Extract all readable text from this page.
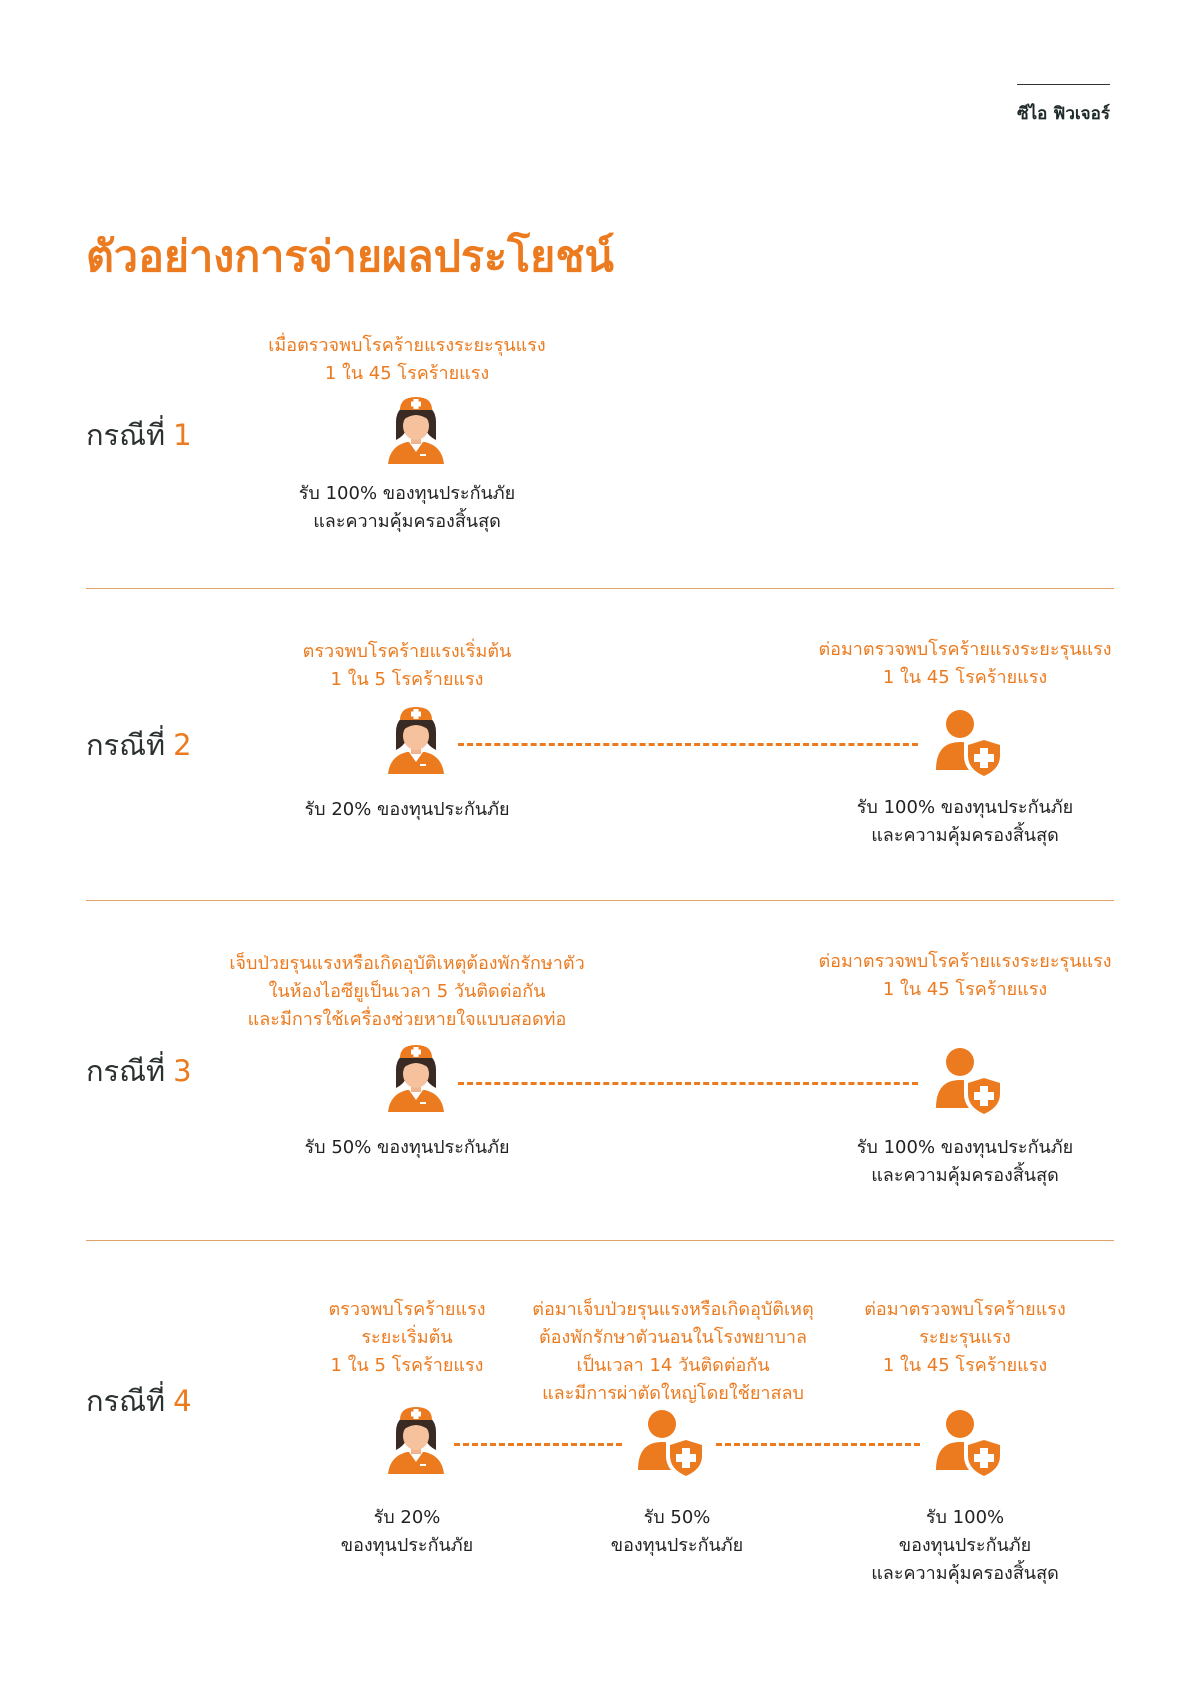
ซีไอ ฟิวเจอร์
ตัวอย่างการจ่ายผลประโยชน์
กรณีที่ 1
เมื่อตรวจพบโรคร้ายแรงระยะรุนแรง
1 ใน 45 โรคร้ายแรง
รับ 100% ของทุนประกันภัย
และความคุ้มครองสิ้นสุด
กรณีที่ 2
ตรวจพบโรคร้ายแรงเริ่มต้น
1 ใน 5 โรคร้ายแรง
รับ 20% ของทุนประกันภัย
ต่อมาตรวจพบโรคร้ายแรงระยะรุนแรง
1 ใน 45 โรคร้ายแรง
รับ 100% ของทุนประกันภัย
และความคุ้มครองสิ้นสุด
กรณีที่ 3
เจ็บป่วยรุนแรงหรือเกิดอุบัติเหตุต้องพักรักษาตัว
ในห้องไอซียูเป็นเวลา 5 วันติดต่อกัน
และมีการใช้เครื่องช่วยหายใจแบบสอดท่อ
รับ 50% ของทุนประกันภัย
ต่อมาตรวจพบโรคร้ายแรงระยะรุนแรง
1 ใน 45 โรคร้ายแรง
รับ 100% ของทุนประกันภัย
และความคุ้มครองสิ้นสุด
กรณีที่ 4
ตรวจพบโรคร้ายแรง
ระยะเริ่มต้น
1 ใน 5 โรคร้ายแรง
รับ 20%
ของทุนประกันภัย
ต่อมาเจ็บป่วยรุนแรงหรือเกิดอุบัติเหตุ
ต้องพักรักษาตัวนอนในโรงพยาบาล
เป็นเวลา 14 วันติดต่อกัน
และมีการผ่าตัดใหญ่โดยใช้ยาสลบ
รับ 50%
ของทุนประกันภัย
ต่อมาตรวจพบโรคร้ายแรง
ระยะรุนแรง
1 ใน 45 โรคร้ายแรง
รับ 100%
ของทุนประกันภัย
และความคุ้มครองสิ้นสุด
